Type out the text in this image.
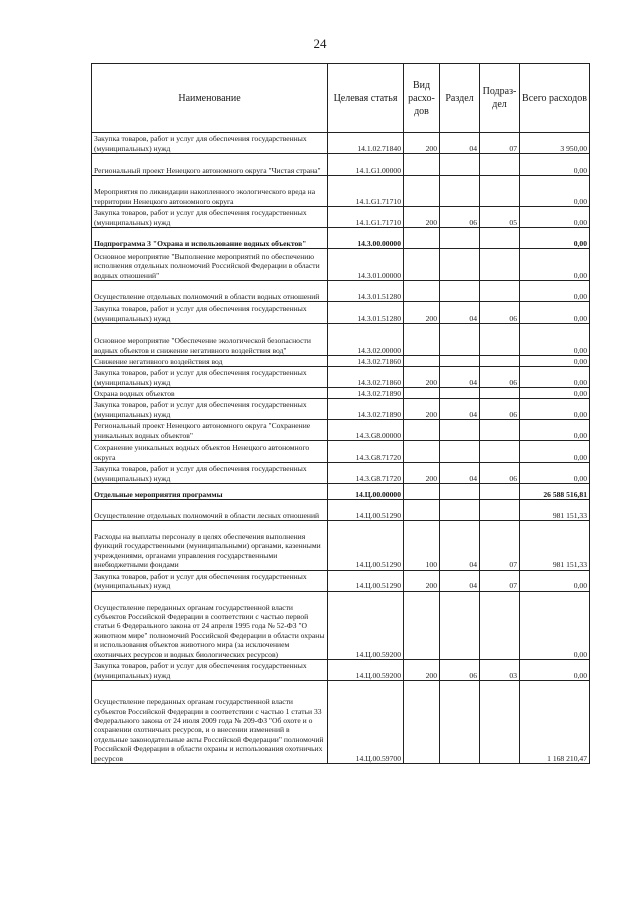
24
Наименование	Целевая статья	Вид расхо-дов	Раздел	Подраз-дел	Всего расходов
Закупка товаров, работ и услуг для обеспечения государственных (муниципальных) нужд	14.1.02.71840	200	04	07	3 950,00
Региональный проект Ненецкого автономного округа "Чистая страна"	14.1.G1.00000				0,00
Мероприятия по ликвидации накопленного экологического вреда на территории Ненецкого автономного округа	14.1.G1.71710				0,00
Закупка товаров, работ и услуг для обеспечения государственных (муниципальных) нужд	14.1.G1.71710	200	06	05	0,00
Подпрограмма 3 "Охрана и использование водных объектов"	14.3.00.00000				0,00
Основное мероприятие "Выполнение мероприятий по обеспечению исполнения отдельных полномочий Российской Федерации в области водных отношений"	14.3.01.00000				0,00
Осуществление отдельных полномочий в области водных отношений	14.3.01.51280				0,00
Закупка товаров, работ и услуг для обеспечения государственных (муниципальных) нужд	14.3.01.51280	200	04	06	0,00
Основное мероприятие "Обеспечение экологической безопасности водных объектов и снижение негативного воздействия вод"	14.3.02.00000				0,00
Снижение негативного воздействия вод	14.3.02.71860				0,00
Закупка товаров, работ и услуг для обеспечения государственных (муниципальных) нужд	14.3.02.71860	200	04	06	0,00
Охрана водных объектов	14.3.02.71890				0,00
Закупка товаров, работ и услуг для обеспечения государственных (муниципальных) нужд	14.3.02.71890	200	04	06	0,00
Региональный проект Ненецкого автономного округа "Сохранение уникальных водных объектов"	14.3.G8.00000				0,00
Сохранение уникальных водных объектов Ненецкого автономного округа	14.3.G8.71720				0,00
Закупка товаров, работ и услуг для обеспечения государственных (муниципальных) нужд	14.3.G8.71720	200	04	06	0,00
Отдельные мероприятия программы	14.Ц.00.00000				26 588 516,81
Осуществление отдельных полномочий в области лесных отношений	14.Ц.00.51290				981 151,33
Расходы на выплаты персоналу в целях обеспечения выполнения функций государственными (муниципальными) органами, казенными учреждениями, органами управления государственными внебюджетными фондами	14.Ц.00.51290	100	04	07	981 151,33
Закупка товаров, работ и услуг для обеспечения государственных (муниципальных) нужд	14.Ц.00.51290	200	04	07	0,00
Осуществление переданных органам государственной власти субъектов Российской Федерации в соответствии с частью первой статьи 6 Федерального закона от 24 апреля 1995 года № 52-ФЗ "О животном мире" полномочий Российской Федерации в области охраны и использования объектов животного мира (за исключением охотничьих ресурсов и водных биологических ресурсов)	14.Ц.00.59200				0,00
Закупка товаров, работ и услуг для обеспечения государственных (муниципальных) нужд	14.Ц.00.59200	200	06	03	0,00
Осуществление переданных органам государственной власти субъектов Российской Федерации в соответствии с частью 1 статьи 33 Федерального закона от 24 июля 2009 года № 209-ФЗ "Об охоте и о сохранении охотничьих ресурсов, и о внесении изменений в отдельные законодательные акты Российской Федерации" полномочий Российской Федерации в области охраны и использования охотничьих ресурсов	14.Ц.00.59700				1 168 210,47
